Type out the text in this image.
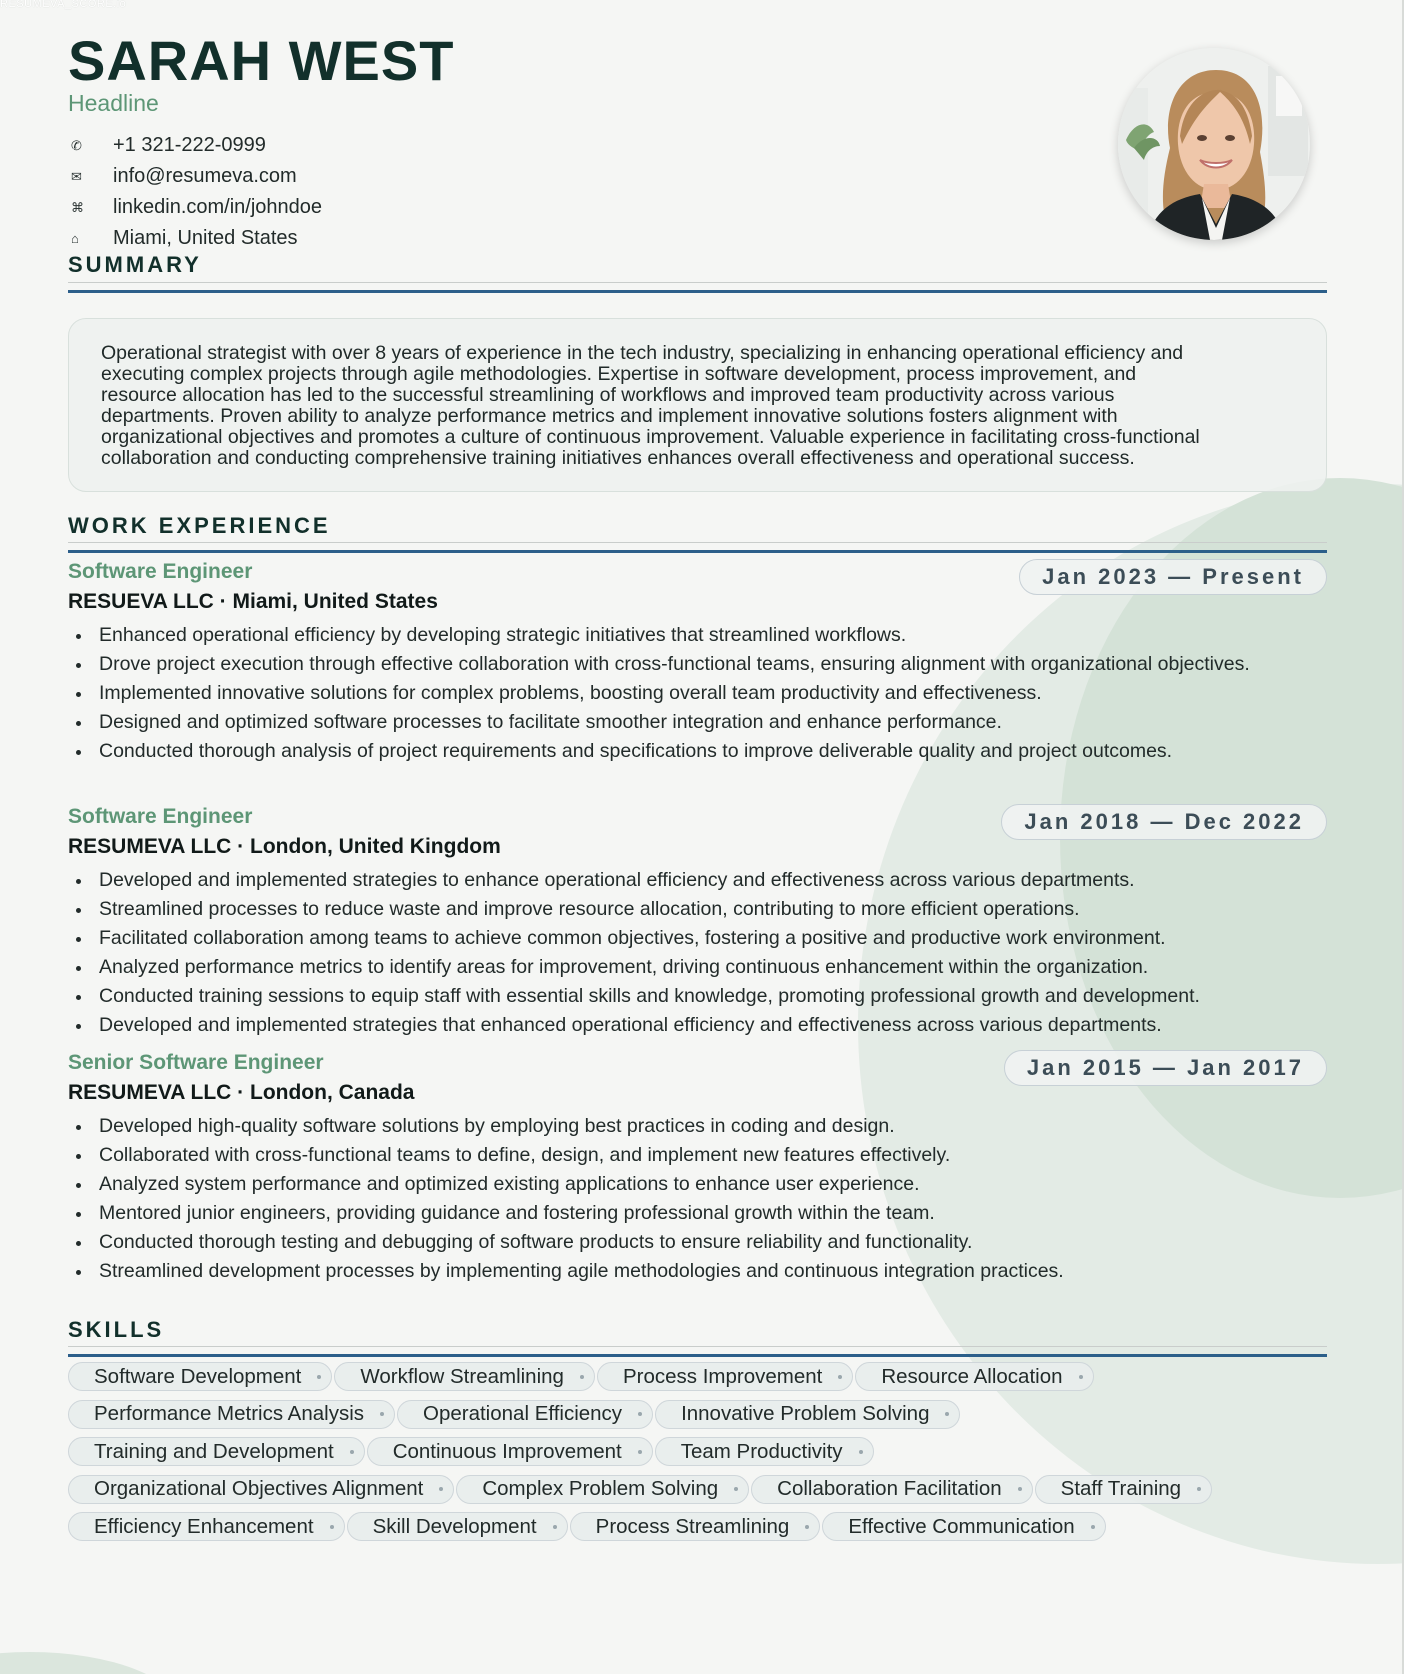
RESUMEVA_SCORE.io
SARAH WEST
Headline
✆	+1 321-222-0999
✉	info@resumeva.com
⌘	linkedin.com/in/johndoe
⌂	Miami, United States
SUMMARY
Operational strategist with over 8 years of experience in the tech industry, specializing in enhancing operational efficiency and
executing complex projects through agile methodologies. Expertise in software development, process improvement, and
resource allocation has led to the successful streamlining of workflows and improved team productivity across various
departments. Proven ability to analyze performance metrics and implement innovative solutions fosters alignment with
organizational objectives and promotes a culture of continuous improvement. Valuable experience in facilitating cross-functional
collaboration and conducting comprehensive training initiatives enhances overall effectiveness and operational success.
WORK EXPERIENCE
Software Engineer
RESUEVA LLC · Miami, United States
Jan 2023 — Present
Enhanced operational efficiency by developing strategic initiatives that streamlined workflows.
Drove project execution through effective collaboration with cross-functional teams, ensuring alignment with organizational objectives.
Implemented innovative solutions for complex problems, boosting overall team productivity and effectiveness.
Designed and optimized software processes to facilitate smoother integration and enhance performance.
Conducted thorough analysis of project requirements and specifications to improve deliverable quality and project outcomes.
Software Engineer
RESUMEVA LLC · London, United Kingdom
Jan 2018 — Dec 2022
Developed and implemented strategies to enhance operational efficiency and effectiveness across various departments.
Streamlined processes to reduce waste and improve resource allocation, contributing to more efficient operations.
Facilitated collaboration among teams to achieve common objectives, fostering a positive and productive work environment.
Analyzed performance metrics to identify areas for improvement, driving continuous enhancement within the organization.
Conducted training sessions to equip staff with essential skills and knowledge, promoting professional growth and development.
Developed and implemented strategies that enhanced operational efficiency and effectiveness across various departments.
Senior Software Engineer
RESUMEVA LLC · London, Canada
Jan 2015 — Jan 2017
Developed high-quality software solutions by employing best practices in coding and design.
Collaborated with cross-functional teams to define, design, and implement new features effectively.
Analyzed system performance and optimized existing applications to enhance user experience.
Mentored junior engineers, providing guidance and fostering professional growth within the team.
Conducted thorough testing and debugging of software products to ensure reliability and functionality.
Streamlined development processes by implementing agile methodologies and continuous integration practices.
SKILLS
Software Development	Workflow Streamlining	Process Improvement	Resource Allocation
Performance Metrics Analysis	Operational Efficiency	Innovative Problem Solving
Training and Development	Continuous Improvement	Team Productivity
Organizational Objectives Alignment	Complex Problem Solving	Collaboration Facilitation	Staff Training
Efficiency Enhancement	Skill Development	Process Streamlining	Effective Communication
